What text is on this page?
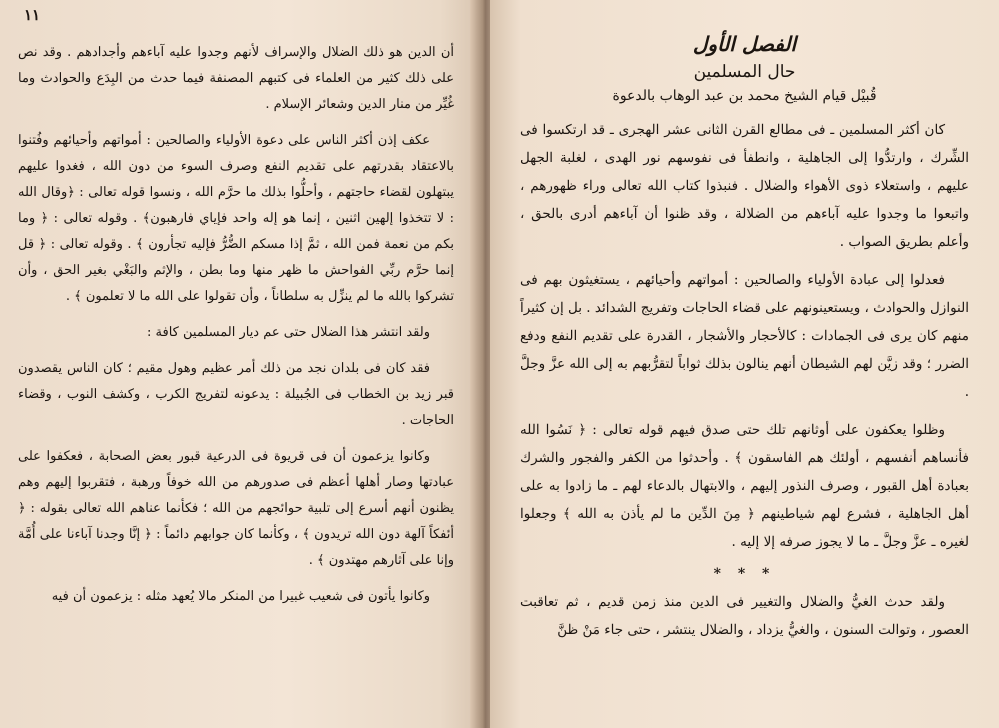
١١

أن الدين هو ذلك الضلال والإسراف لأنهم وجدوا عليه آباءهم وأجدادهم . وقد نص على ذلك كثير من العلماء فى كتبهم المصنفة فيما حدث من البِدَع والحوادث وما غُيِّر من منار الدين وشعائر الإسلام .

عكف إذن أكثر الناس على دعوة الأولياء والصالحين : أمواتهم وأحيائهم وفُتنوا بالاعتقاد بقدرتهم على تقديم النفع وصرف السوء من دون الله ، فغدوا عليهم يبتهلون لقضاء حاجتهم ، وأحلُّوا بذلك ما حرَّم الله ، ونسوا قوله تعالى : ﴿وقال الله : لا تتخذوا إلهين اثنين ، إنما هو إله واحد فإياي فارهبون﴾ . وقوله تعالى : ﴿ وما بكم من نعمة فمن الله ، ثمَّ إذا مسكم الضُّرُّ فإليه تجأرون ﴾ . وقوله تعالى : ﴿ قل إنما حرَّم ربِّي الفواحش ما ظهر منها وما بطن ، والإثم والبَغْي بغير الحق ، وأن تشركوا بالله ما لم ينزِّل به سلطاناً ، وأن تقولوا على الله ما لا تعلمون ﴾ .

ولقد انتشر هذا الضلال حتى عم ديار المسلمين كافة :

فقد كان فى بلدان نجد من ذلك أمر عظيم وهول مقيم ؛ كان الناس يقصدون قبر زيد بن الخطاب فى الجُبيلة : يدعونه لتفريج الكرب ، وكشف النوب ، وقضاء الحاجات .

وكانوا يزعمون أن فى قريوة فى الدرعية قبور بعض الصحابة ، فعكفوا على عبادتها وصار أهلها أعظم فى صدورهم من الله خوفاً ورهبة ، فتقربوا إليهم وهم يظنون أنهم أسرع إلى تلبية حوائجهم من الله ؛ فكأنما عناهم الله تعالى بقوله : ﴿ أئفكاً آلهة دون الله تريدون ﴾ ، وكأنما كان جوابهم دائماً : ﴿ إنَّا وجدنا آباءنا على أُمَّة وإنا على آثارهم مهتدون ﴾ .

وكانوا يأتون فى شعيب غبيرا من المنكر مالا يُعهد مثله : يزعمون أن فيه

الفصل الأول
حال المسلمين
قُبيْل قيام الشيخ محمد بن عبد الوهاب بالدعوة

كان أكثر المسلمين ـ فى مطالع القرن الثانى عشر الهجرى ـ قد ارتكسوا فى الشِّرك ، وارتدُّوا إلى الجاهلية ، وانطفأ فى نفوسهم نور الهدى ، لغلبة الجهل عليهم ، واستعلاء ذوى الأهواء والضلال . فنبذوا كتاب الله تعالى وراء ظهورهم ، واتبعوا ما وجدوا عليه آباءهم من الضلالة ، وقد ظنوا أن آباءهم أدرى بالحق ، وأعلم بطريق الصواب .

فعدلوا إلى عبادة الأولياء والصالحين : أمواتهم وأحيائهم ، يستغيثون بهم فى النوازل والحوادث ، ويستعينونهم على قضاء الحاجات وتفريج الشدائد . بل إن كثيراً منهم كان يرى فى الجمادات : كالأحجار والأشجار ، القدرة على تقديم النفع ودفع الضرر ؛ وقد زيَّن لهم الشيطان أنهم ينالون بذلك ثواباً لتقرُّبهم به إلى الله عزَّ وجلَّ .

وظلوا يعكفون على أوثانهم تلك حتى صدق فيهم قوله تعالى : ﴿ نَسُوا الله فأنساهم أنفسهم ، أولئك هم الفاسقون ﴾ . وأحدثوا من الكفر والفجور والشرك بعبادة أهل القبور ، وصرف النذور إليهم ، والابتهال بالدعاء لهم ـ ما زادوا به على أهل الجاهلية ، فشرع لهم شياطينهم ﴿ مِنَ الدِّين ما لم يأذن به الله ﴾ وجعلوا لغيره ـ عزَّ وجلَّ ـ ما لا يجوز صرفه إلا إليه .

* * *

ولقد حدث الغيُّ والضلال والتغيير فى الدين منذ زمن قديم ، ثم تعاقبت العصور ، وتوالت السنون ، والغيُّ يزداد ، والضلال ينتشر ، حتى جاء مَنْ ظنَّ
